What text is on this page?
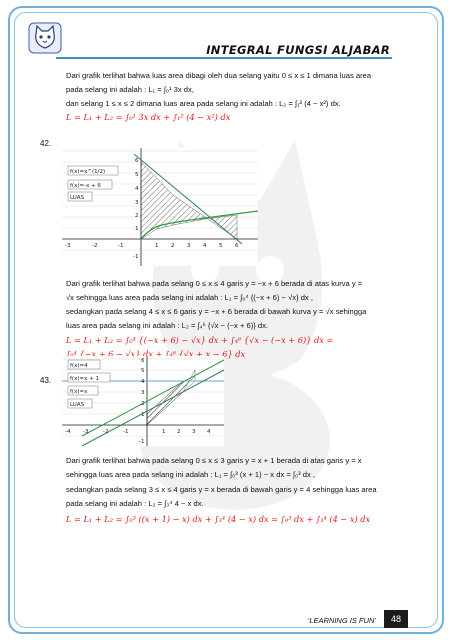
INTEGRAL FUNGSI ALJABAR
Dari grafik terlihat bahwa luas area dibagi oleh dua selang yaitu 0 ≤ x ≤ 1 dimana luas area
pada selang ini adalah : L₁ = ∫₀¹ 3x dx,
dan selang 1 ≤ x ≤ 2 dimana luas area pada selang ini adalah : L₂ = ∫₁² (4 − x²) dx.
L = L₁ + L₂ = ∫₀¹ 3x dx + ∫₁² (4 − x²) dx
42.
-3	-2	-1	1 2 3 4 5 6
1
2
3
4
5
6
-1
f(x)=x^(1/2)
f(x)=-x + 6
LUAS
Dari grafik terlihat bahwa pada selang 0 ≤ x ≤ 4 garis y = −x + 6 berada di atas kurva y =
√x sehingga luas area pada selang ini adalah : L₁ = ∫₀⁴ {(−x + 6) − √x} dx ,
sedangkan pada selang 4 ≤ x ≤ 6 garis y = −x + 6 berada di bawah kurva y = √x sehingga
luas area pada selang ini adalah : L₂ = ∫₄⁶ {√x − (−x + 6)} dx.
L = L₁ + L₂ = ∫₀⁴ {(−x + 6) − √x} dx + ∫₄⁶ {√x − (−x + 6)} dx =
∫₀⁴ {−x + 6 − √x} dx + ∫₄⁶ {√x + x − 6} dx
43.
-4 -3	-2	-1	1 2 3 4
1
2
3
4
5
6
-1
f(x)=4
f(x)=x + 1
f(x)=x
LUAS
Dari grafik terlihat bahwa pada selang 0 ≤ x ≤ 3 garis y = x + 1 berada di atas garis y = x
sehingga luas area pada selang ini adalah : L₁ = ∫₀³ (x + 1) − x dx = ∫₀³ dx ,
sedangkan pada selang 3 ≤ x ≤ 4 garis y = x berada di bawah garis y = 4 sehingga luas area
pada selang ini adalah : L₂ = ∫₃⁴ 4 − x dx.
L = L₁ + L₂ = ∫₀³ ((x + 1) − x) dx + ∫₃⁴ (4 − x) dx = ∫₀³ dx + ∫₃⁴ (4 − x) dx
‘LEARNING IS FUN’	48
